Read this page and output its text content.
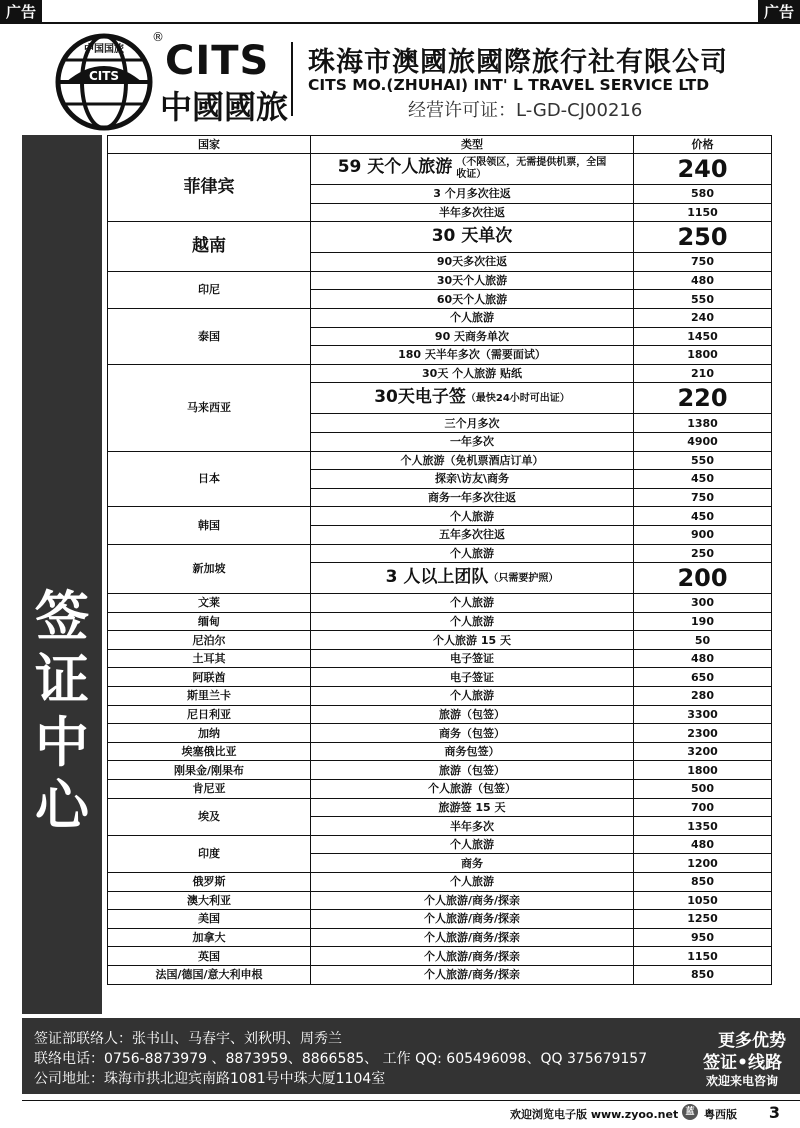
广告	广告
中国国旅
CITS
®
CITS
中國國旅
珠海市澳國旅國際旅行社有限公司
CITS MO.(ZHUHAI) INT' L TRAVEL SERVICE LTD
经营许可证：L-GD-CJ00216
签
证
中
心
国家	类型	价格
菲律宾	59 天个人旅游 （不限领区，无需提供机票，全国收证）	240
	3 个月多次往返	580
	半年多次往返	1150
越南	30 天单次	250
	90天多次往返	750
印尼	30天个人旅游	480
	60天个人旅游	550
泰国	个人旅游	240
	90 天商务单次	1450
	180 天半年多次（需要面试）	1800
马来西亚	30天 个人旅游 贴纸	210
	30天电子签（最快24小时可出证）	220
	三个月多次	1380
	一年多次	4900
日本	个人旅游（免机票酒店订单）	550
	探亲\访友\商务	450
	商务一年多次往返	750
韩国	个人旅游	450
	五年多次往返	900
新加坡	个人旅游	250
	3 人以上团队（只需要护照）	200
文莱	个人旅游	300
缅甸	个人旅游	190
尼泊尔	个人旅游 15 天	50
土耳其	电子签证	480
阿联酋	电子签证	650
斯里兰卡	个人旅游	280
尼日利亚	旅游（包签）	3300
加纳	商务（包签）	2300
埃塞俄比亚	商务包签）	3200
刚果金/刚果布	旅游（包签）	1800
肯尼亚	个人旅游（包签）	500
埃及	旅游签 15 天	700
	半年多次	1350
印度	个人旅游	480
	商务	1200
俄罗斯	个人旅游	850
澳大利亚	个人旅游/商务/探亲	1050
美国	个人旅游/商务/探亲	1250
加拿大	个人旅游/商务/探亲	950
英国	个人旅游/商务/探亲	1150
法国/德国/意大利申根	个人旅游/商务/探亲	850
签证部联络人：张书山、马春宇、刘秋明、周秀兰
联络电话：0756-8873979 、8873959、8866585、 工作 QQ: 605496098、QQ 375679157
公司地址：珠海市拱北迎宾南路1081号中珠大厦1104室
更多优势
签证•线路
欢迎来电咨询
欢迎浏览电子版 www.zyoo.net 蓝 粤西版 3
